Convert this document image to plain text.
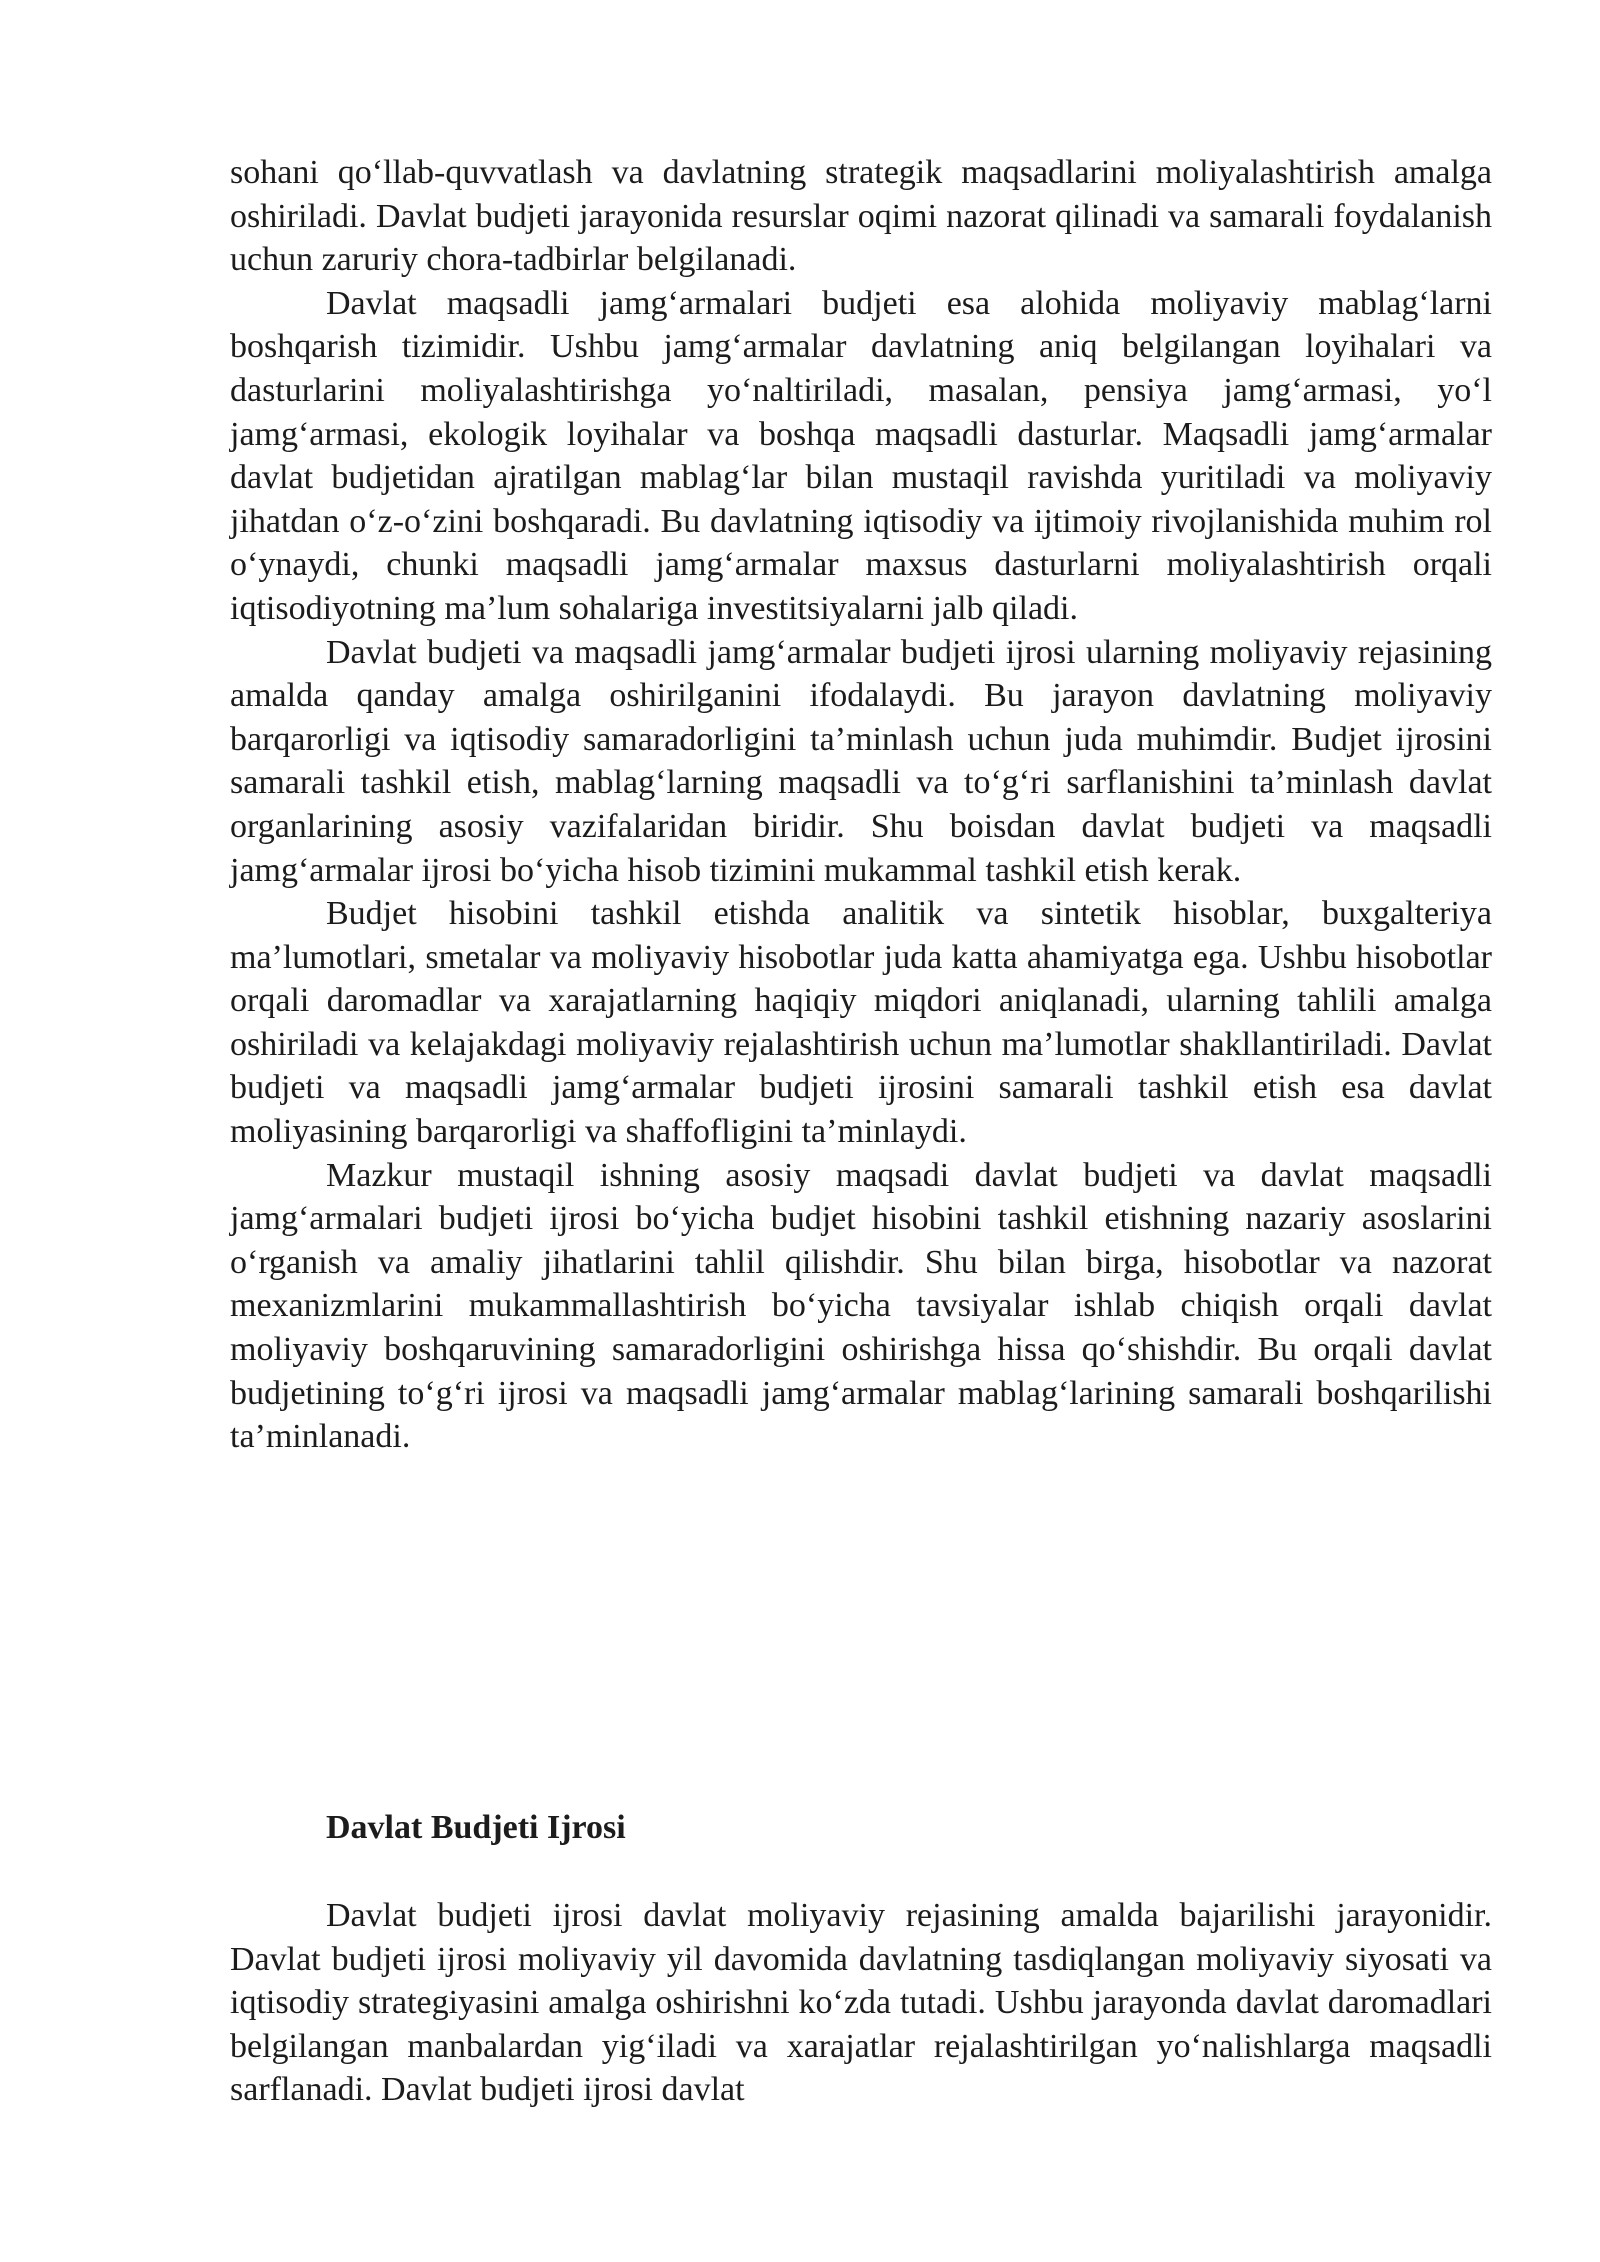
sohani qo‘llab-quvvatlash va davlatning strategik maqsadlarini moliyalashtirish amalga oshiriladi. Davlat budjeti jarayonida resurslar oqimi nazorat qilinadi va samarali foydalanish uchun zaruriy chora-tadbirlar belgilanadi.

Davlat maqsadli jamg‘armalari budjeti esa alohida moliyaviy mablag‘larni boshqarish tizimidir. Ushbu jamg‘armalar davlatning aniq belgilangan loyihalari va dasturlarini moliyalashtirishga yo‘naltiriladi, masalan, pensiya jamg‘armasi, yo‘l jamg‘armasi, ekologik loyihalar va boshqa maqsadli dasturlar. Maqsadli jamg‘armalar davlat budjetidan ajratilgan mablag‘lar bilan mustaqil ravishda yuritiladi va moliyaviy jihatdan o‘z-o‘zini boshqaradi. Bu davlatning iqtisodiy va ijtimoiy rivojlanishida muhim rol o‘ynaydi, chunki maqsadli jamg‘armalar maxsus dasturlarni moliyalashtirish orqali iqtisodiyotning ma’lum sohalariga investitsiyalarni jalb qiladi.

Davlat budjeti va maqsadli jamg‘armalar budjeti ijrosi ularning moliyaviy rejasining amalda qanday amalga oshirilganini ifodalaydi. Bu jarayon davlatning moliyaviy barqarorligi va iqtisodiy samaradorligini ta’minlash uchun juda muhimdir. Budjet ijrosini samarali tashkil etish, mablag‘larning maqsadli va to‘g‘ri sarflanishini ta’minlash davlat organlarining asosiy vazifalaridan biridir. Shu boisdan davlat budjeti va maqsadli jamg‘armalar ijrosi bo‘yicha hisob tizimini mukammal tashkil etish kerak.

Budjet hisobini tashkil etishda analitik va sintetik hisoblar, buxgalteriya ma’lumotlari, smetalar va moliyaviy hisobotlar juda katta ahamiyatga ega. Ushbu hisobotlar orqali daromadlar va xarajatlarning haqiqiy miqdori aniqlanadi, ularning tahlili amalga oshiriladi va kelajakdagi moliyaviy rejalashtirish uchun ma’lumotlar shakllantiriladi. Davlat budjeti va maqsadli jamg‘armalar budjeti ijrosini samarali tashkil etish esa davlat moliyasining barqarorligi va shaffofligini ta’minlaydi.

Mazkur mustaqil ishning asosiy maqsadi davlat budjeti va davlat maqsadli jamg‘armalari budjeti ijrosi bo‘yicha budjet hisobini tashkil etishning nazariy asoslarini o‘rganish va amaliy jihatlarini tahlil qilishdir. Shu bilan birga, hisobotlar va nazorat mexanizmlarini mukammallashtirish bo‘yicha tavsiyalar ishlab chiqish orqali davlat moliyaviy boshqaruvining samaradorligini oshirishga hissa qo‘shishdir. Bu orqali davlat budjetining to‘g‘ri ijrosi va maqsadli jamg‘armalar mablag‘larining samarali boshqarilishi ta’minlanadi.

Davlat Budjeti Ijrosi

Davlat budjeti ijrosi davlat moliyaviy rejasining amalda bajarilishi jarayonidir. Davlat budjeti ijrosi moliyaviy yil davomida davlatning tasdiqlangan moliyaviy siyosati va iqtisodiy strategiyasini amalga oshirishni ko‘zda tutadi. Ushbu jarayonda davlat daromadlari belgilangan manbalardan yig‘iladi va xarajatlar rejalashtirilgan yo‘nalishlarga maqsadli sarflanadi. Davlat budjeti ijrosi davlat
